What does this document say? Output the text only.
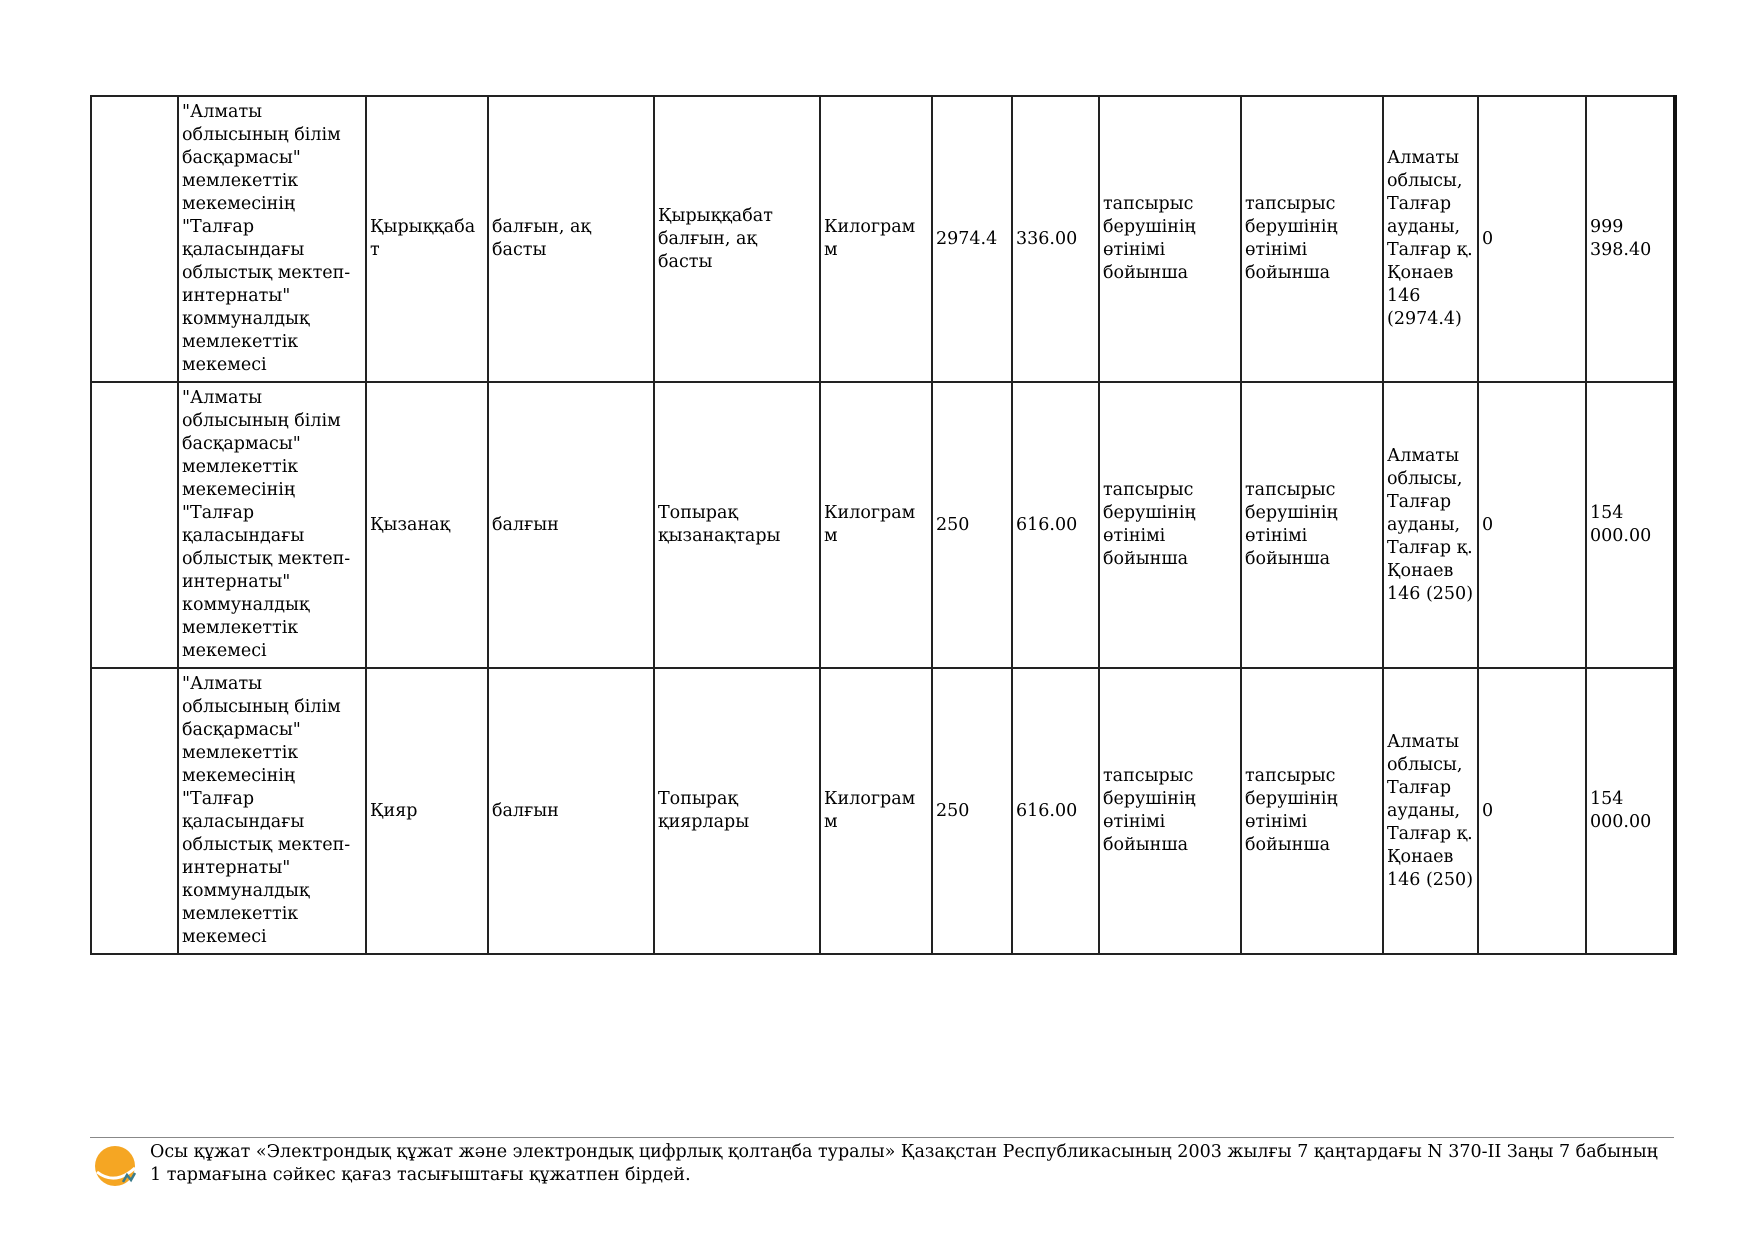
	"Алматы облысының білім басқармасы" мемлекеттік мекемесінің "Талғар қаласындағы облыстық мектеп-интернаты" коммуналдық мемлекеттік мекемесі	Қырыққабат	балғын, ақ басты	Қырыққабат балғын, ақ басты	Килограмм	2974.4	336.00	тапсырыс берушінің өтінімі бойынша	тапсырыс берушінің өтінімі бойынша	Алматы облысы, Талғар ауданы, Талғар қ. Қонаев 146 (2974.4)	0	999 398.40
	"Алматы облысының білім басқармасы" мемлекеттік мекемесінің "Талғар қаласындағы облыстық мектеп-интернаты" коммуналдық мемлекеттік мекемесі	Қызанақ	балғын	Топырақ қызанақтары	Килограмм	250	616.00	тапсырыс берушінің өтінімі бойынша	тапсырыс берушінің өтінімі бойынша	Алматы облысы, Талғар ауданы, Талғар қ. Қонаев 146 (250)	0	154 000.00
	"Алматы облысының білім басқармасы" мемлекеттік мекемесінің "Талғар қаласындағы облыстық мектеп-интернаты" коммуналдық мемлекеттік мекемесі	Қияр	балғын	Топырақ қиярлары	Килограмм	250	616.00	тапсырыс берушінің өтінімі бойынша	тапсырыс берушінің өтінімі бойынша	Алматы облысы, Талғар ауданы, Талғар қ. Қонаев 146 (250)	0	154 000.00
Осы құжат «Электрондық құжат және электрондық цифрлық қолтаңба туралы» Қазақстан Республикасының 2003 жылғы 7 қаңтардағы N 370-II Заңы 7 бабының 1 тармағына сәйкес қағаз тасығыштағы құжатпен бірдей.
